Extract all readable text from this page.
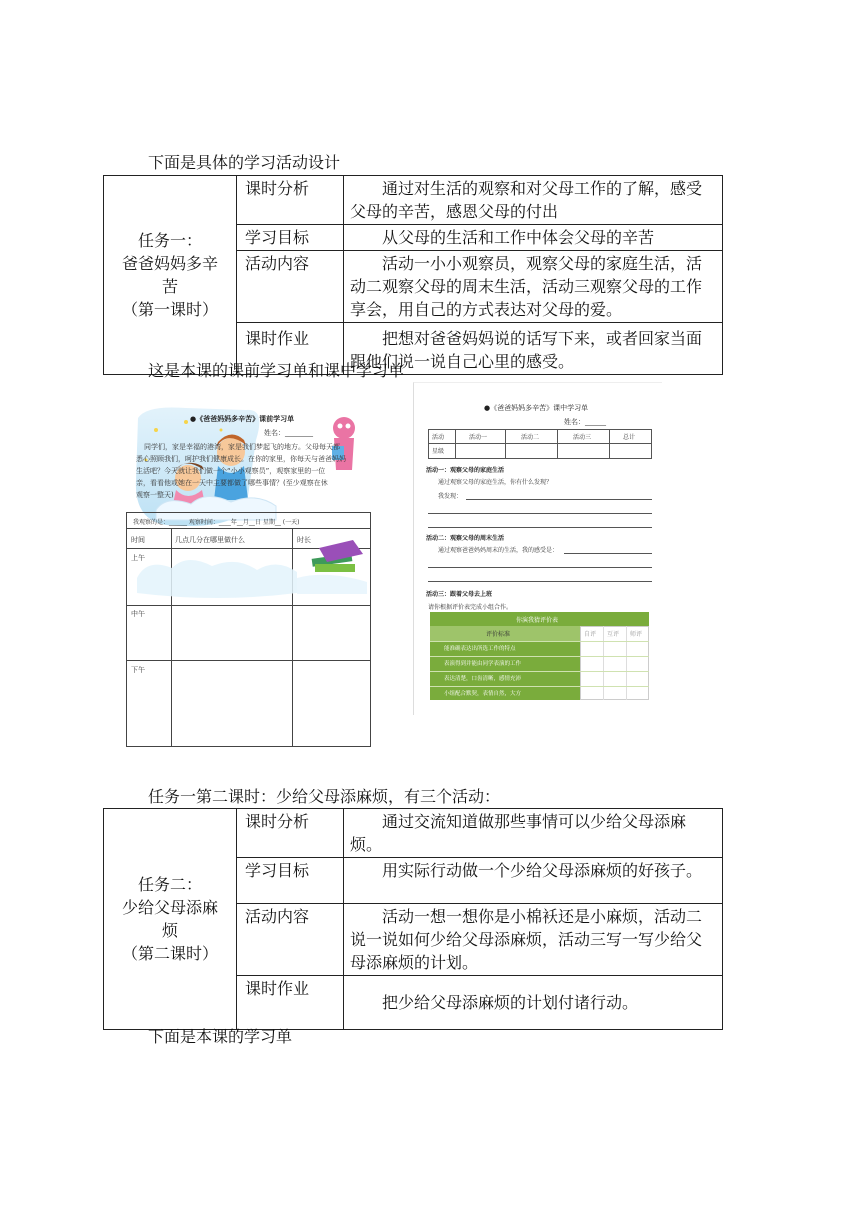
下面是具体的学习活动设计
任务一：
爸爸妈妈多辛
苦
（第一课时）	课时分析	通过对生活的观察和对父母工作的了解，感受父母的辛苦，感恩父母的付出
	学习目标	从父母的生活和工作中体会父母的辛苦
	活动内容	活动一小小观察员，观察父母的家庭生活，活动二观察父母的周末生活，活动三观察父母的工作享会，用自己的方式表达对父母的爱。
	课时作业	把想对爸爸妈妈说的话写下来，或者回家当面跟他们说一说自己心里的感受。
这是本课的课前学习单和课中学习单
●《爸爸妈妈多辛苦》课前学习单
姓名：________
同学们，家是幸福的港湾，家是我们梦起飞的地方。父母每天都
悉心照顾我们，呵护我们健康成长。在你的家里，你每天与爸爸妈妈
生活吧？今天就让我们做一个“小小观察员”，观察家里的一位
亲，看看他或她在一天中主要都做了哪些事情？(至少观察在休
观察一整天)
我观察的是：______ 观察时间：____年__月__日 星期__ (一天)
时间	几点几分在哪里做什么	时长
上午
中午
下午
●《爸爸妈妈多辛苦》课中学习单
姓名：______
活动	活动一	活动二	活动三	总计
星级
活动一：观察父母的家庭生活
通过观察父母的家庭生活，你有什么发现？
我发现：
活动二：观察父母的周末生活
通过观察爸爸妈妈周末的生活，我的感受是：
活动三：跟着父母去上班
请你根据评价表完成小组合作。
你演我猜评价表
评价标准	自评 互评 师评
能准确表达出所选工作的特点
表演得到并能由同学表演的工作
表达清楚，口齿清晰，感情充沛
小组配合默契，表情自然，大方
任务一第二课时：少给父母添麻烦，有三个活动：
任务二：
少给父母添麻
烦
（第二课时）	课时分析	通过交流知道做那些事情可以少给父母添麻烦。
	学习目标	用实际行动做一个少给父母添麻烦的好孩子。
	活动内容	活动一想一想你是小棉袄还是小麻烦，活动二说一说如何少给父母添麻烦，活动三写一写少给父母添麻烦的计划。
	课时作业	把少给父母添麻烦的计划付诸行动。
下面是本课的学习单
